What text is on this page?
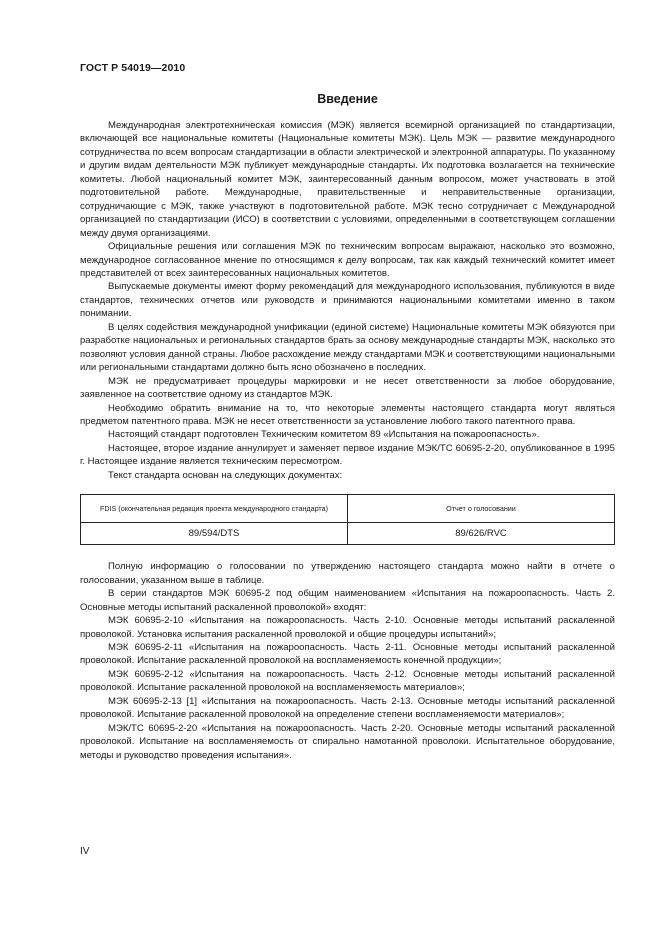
ГОСТ Р 54019—2010
Введение

Международная электротехническая комиссия (МЭК) является всемирной организацией по стандартизации, включающей все национальные комитеты (Национальные комитеты МЭК). Цель МЭК — развитие международного сотрудничества по всем вопросам стандартизации в области электрической и электронной аппаратуры. По указанному и другим видам деятельности МЭК публикует международные стандарты. Их подготовка возлагается на технические комитеты. Любой национальный комитет МЭК, заинтересованный данным вопросом, может участвовать в этой подготовительной работе. Международные, правительственные и неправительственные организации, сотрудничающие с МЭК, также участвуют в подготовительной работе. МЭК тесно сотрудничает с Международной организацией по стандартизации (ИСО) в соответствии с условиями, определенными в соответствующем соглашении между двумя организациями.

Официальные решения или соглашения МЭК по техническим вопросам выражают, насколько это возможно, международное согласованное мнение по относящимся к делу вопросам, так как каждый технический комитет имеет представителей от всех заинтересованных национальных комитетов.

Выпускаемые документы имеют форму рекомендаций для международного использования, публикуются в виде стандартов, технических отчетов или руководств и принимаются национальными комитетами именно в таком понимании.

В целях содействия международной унификации (единой системе) Национальные комитеты МЭК обязуются при разработке национальных и региональных стандартов брать за основу международные стандарты МЭК, насколько это позволяют условия данной страны. Любое расхождение между стандартами МЭК и соответствующими национальными или региональными стандартами должно быть ясно обозначено в последних.

МЭК не предусматривает процедуры маркировки и не несет ответственности за любое оборудование, заявленное на соответствие одному из стандартов МЭК.

Необходимо обратить внимание на то, что некоторые элементы настоящего стандарта могут являться предметом патентного права. МЭК не несет ответственности за установление любого такого патентного права.

Настоящий стандарт подготовлен Техническим комитетом 89 «Испытания на пожароопасность».

Настоящее, второе издание аннулирует и заменяет первое издание МЭК/ТС 60695-2-20, опубликованное в 1995 г. Настоящее издание является техническим пересмотром.

Текст стандарта основан на следующих документах:

FDIS (окончательная редакция проекта международного стандарта)	Отчет о голосовании
89/594/DTS	89/626/RVC

Полную информацию о голосовании по утверждению настоящего стандарта можно найти в отчете о голосовании, указанном выше в таблице.

В серии стандартов МЭК 60695-2 под общим наименованием «Испытания на пожароопасность. Часть 2. Основные методы испытаний раскаленной проволокой» входят:

МЭК 60695-2-10 «Испытания на пожароопасность. Часть 2-10. Основные методы испытаний раскаленной проволокой. Установка испытания раскаленной проволокой и общие процедуры испытаний»;

МЭК 60695-2-11 «Испытания на пожароопасность. Часть 2-11. Основные методы испытаний раскаленной проволокой. Испытание раскаленной проволокой на воспламеняемость конечной продукции»;

МЭК 60695-2-12 «Испытания на пожароопасность. Часть 2-12. Основные методы испытаний раскаленной проволокой. Испытание раскаленной проволокой на воспламеняемость материалов»;

МЭК 60695-2-13 [1] «Испытания на пожароопасность. Часть 2-13. Основные методы испытаний раскаленной проволокой. Испытание раскаленной проволокой на определение степени воспламеняемости материалов»;

МЭК/ТС 60695-2-20 «Испытания на пожароопасность. Часть 2-20. Основные методы испытаний раскаленной проволокой. Испытание на воспламеняемость от спирально намотанной проволоки. Испытательное оборудование, методы и руководство проведения испытания».

IV
